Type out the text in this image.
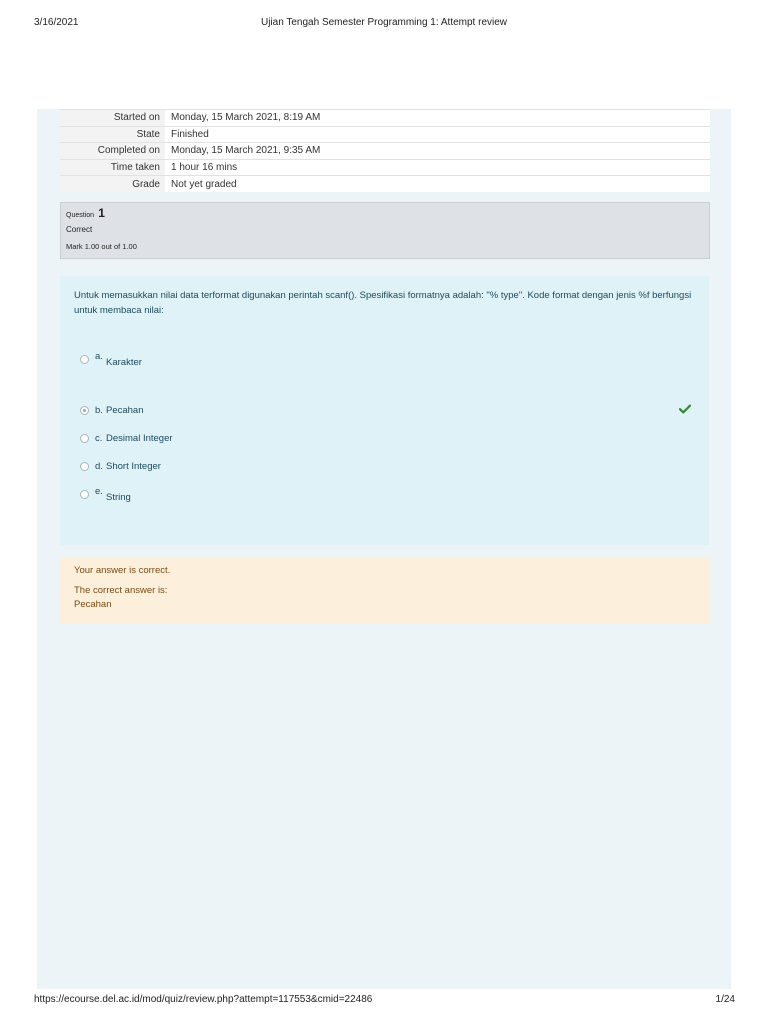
3/16/2021	Ujian Tengah Semester Programming 1: Attempt review
Started on	Monday, 15 March 2021, 8:19 AM
State	Finished
Completed on	Monday, 15 March 2021, 9:35 AM
Time taken	1 hour 16 mins
Grade	Not yet graded
Question 1
Correct
Mark 1.00 out of 1.00
Untuk memasukkan nilai data terformat digunakan perintah scanf(). Spesifikasi formatnya adalah: "% type". Kode format dengan jenis %f berfungsi untuk membaca nilai:
a.
Karakter
b. Pecahan
c. Desimal Integer
d. Short Integer
e.
String
Your answer is correct.
The correct answer is:
Pecahan
https://ecourse.del.ac.id/mod/quiz/review.php?attempt=117553&cmid=22486	1/24
